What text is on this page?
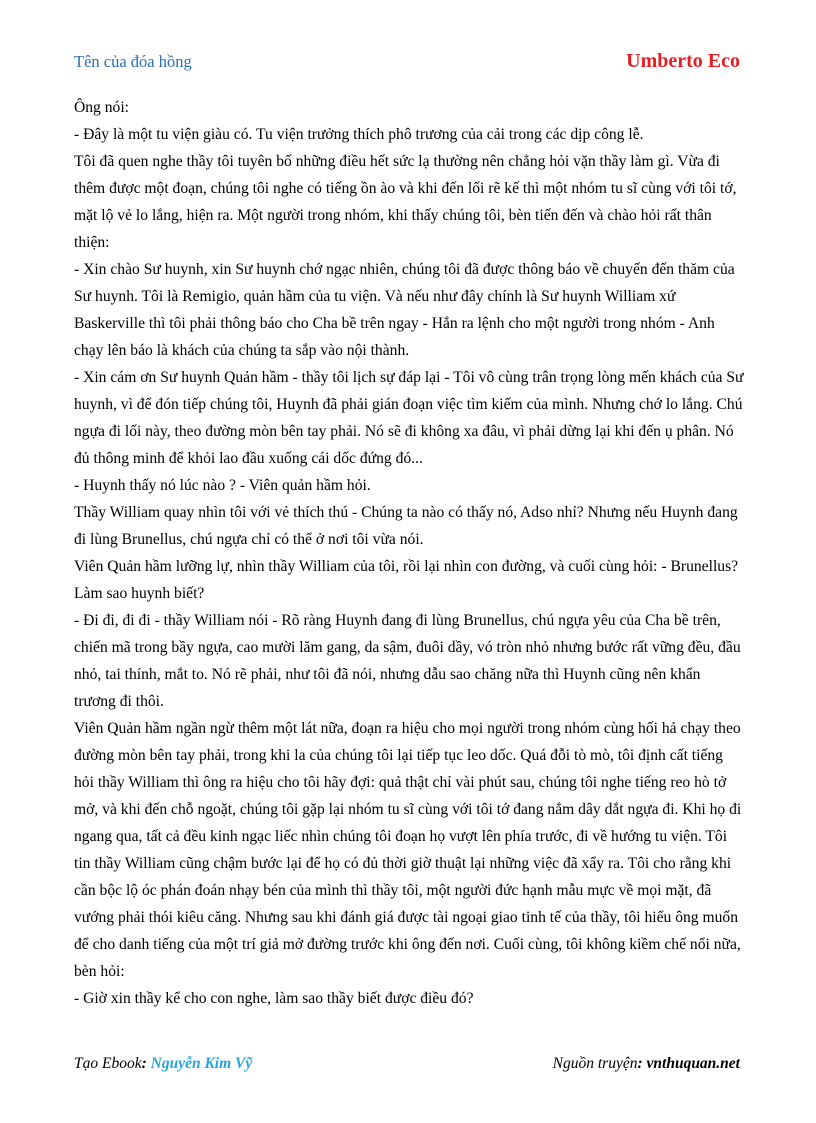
Tên của đóa hồng	Umberto Eco

Ông nói:

- Đây là một tu viện giàu có. Tu viện trưởng thích phô trương của cải trong các dịp công lễ.

Tôi đã quen nghe thầy tôi tuyên bố những điều hết sức lạ thường nên chẳng hỏi vặn thầy làm gì. Vừa đi thêm được một đoạn, chúng tôi nghe có tiếng ồn ào và khi đến lối rẽ kế thì một nhóm tu sĩ cùng với tôi tớ, mặt lộ vẻ lo lắng, hiện ra. Một người trong nhóm, khi thấy chúng tôi, bèn tiến đến và chào hỏi rất thân thiện:

- Xin chào Sư huynh, xin Sư huynh chớ ngạc nhiên, chúng tôi đã được thông báo về chuyến đến thăm của Sư huynh. Tôi là Remigio, quản hầm của tu viện. Và nếu như đây chính là Sư huynh William xứ Baskerville thì tôi phải thông báo cho Cha bề trên ngay - Hắn ra lệnh cho một người trong nhóm - Anh chạy lên báo là khách của chúng ta sắp vào nội thành.

- Xin cám ơn Sư huynh Quản hầm - thầy tôi lịch sự đáp lại - Tôi vô cùng trân trọng lòng mến khách của Sư huynh, vì để đón tiếp chúng tôi, Huynh đã phải gián đoạn việc tìm kiếm của mình. Nhưng chớ lo lắng. Chú ngựa đi lối này, theo đường mòn bên tay phải. Nó sẽ đi không xa đâu, vì phải dừng lại khi đến ụ phân. Nó đủ thông minh để khỏi lao đầu xuống cái dốc đứng đó...

- Huynh thấy nó lúc nào ? - Viên quản hầm hỏi.

Thầy William quay nhìn tôi với vẻ thích thú - Chúng ta nào có thấy nó, Adso nhỉ? Nhưng nếu Huynh đang đi lùng Brunellus, chú ngựa chỉ có thể ở nơi tôi vừa nói.

Viên Quản hầm lưỡng lự, nhìn thầy William của tôi, rồi lại nhìn con đường, và cuối cùng hỏi: - Brunellus? Làm sao huynh biết?

- Đi đi, đi đi - thầy William nói - Rõ ràng Huynh đang đi lùng Brunellus, chú ngựa yêu của Cha bề trên, chiến mã trong bầy ngựa, cao mười lăm gang, da sậm, đuôi dầy, vó tròn nhỏ nhưng bước rất vững đều, đầu nhỏ, tai thính, mắt to. Nó rẽ phải, như tôi đã nói, nhưng dẫu sao chăng nữa thì Huynh cũng nên khẩn trương đi thôi.

Viên Quản hầm ngần ngừ thêm một lát nữa, đoạn ra hiệu cho mọi người trong nhóm cùng hối hả chạy theo đường mòn bên tay phải, trong khi la của chúng tôi lại tiếp tục leo dốc. Quá đỗi tò mò, tôi định cất tiếng hỏi thầy William thì ông ra hiệu cho tôi hãy đợi: quả thật chỉ vài phút sau, chúng tôi nghe tiếng reo hò tở mở, và khi đến chỗ ngoặt, chúng tôi gặp lại nhóm tu sĩ cùng với tôi tớ đang nắm dây dắt ngựa đi. Khi họ đi ngang qua, tất cả đều kinh ngạc liếc nhìn chúng tôi đoạn họ vượt lên phía trước, đi về hướng tu viện. Tôi tin thầy William cũng chậm bước lại để họ có đủ thời giờ thuật lại những việc đã xẩy ra. Tôi cho rằng khi cần bộc lộ óc phán đoán nhạy bén của mình thì thầy tôi, một người đức hạnh mẫu mực về mọi mặt, đã vướng phải thói kiêu căng. Nhưng sau khi đánh giá được tài ngoại giao tinh tế của thầy, tôi hiểu ông muốn để cho danh tiếng của một trí giả mở đường trước khi ông đến nơi. Cuối cùng, tôi không kiềm chế nổi nữa, bèn hỏi:

- Giờ xin thầy kể cho con nghe, làm sao thầy biết được điều đó?

Tạo Ebook: Nguyễn Kim Vỹ	Nguồn truyện: vnthuquan.net
